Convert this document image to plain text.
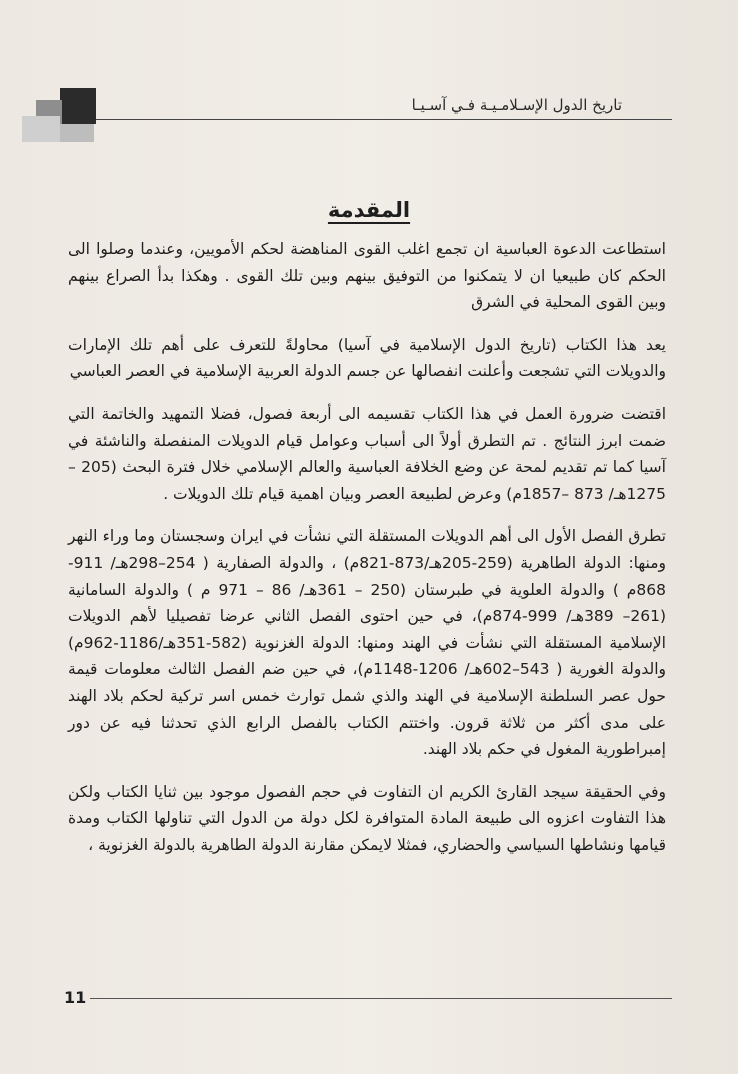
تاريخ الدول الإسـلامـيـة فـي آسـيـا
المقدمة

استطاعت الدعوة العباسية ان تجمع اغلب القوى المناهضة لحكم الأمويين، وعندما وصلوا الى الحكم كان طبيعيا ان لا يتمكنوا من التوفيق بينهم وبين تلك القوى . وهكذا بدأ الصراع بينهم وبين القوى المحلية في الشرق

يعد هذا الكتاب (تاريخ الدول الإسلامية في آسيا) محاولةً للتعرف على أهم تلك الإمارات والدويلات التي تشجعت وأعلنت انفصالها عن جسم الدولة العربية الإسلامية في العصر العباسي

اقتضت ضرورة العمل في هذا الكتاب تقسيمه الى أربعة فصول، فضلا التمهيد والخاتمة التي ضمت ابرز النتائج . تم التطرق أولاً الى أسباب وعوامل قيام الدويلات المنفصلة والناشئة في آسيا كما تم تقديم لمحة عن وضع الخلافة العباسية والعالم الإسلامي خلال فترة البحث (205 –1275هـ/ 873 –1857م) وعرض لطبيعة العصر وبيان اهمية قيام تلك الدويلات .

تطرق الفصل الأول الى أهم الدويلات المستقلة التي نشأت في ايران وسجستان وما وراء النهر ومنها: الدولة الطاهرية (259-205هـ/873-821م) ، والدولة الصفارية ( 254–298هـ/ 911-868م ) والدولة العلوية في طبرستان (250 – 361هـ/ 86 – 971 م ) والدولة السامانية (261– 389هـ/ 999-874م)، في حين احتوى الفصل الثاني عرضا تفصيليا لأهم الدويلات الإسلامية المستقلة التي نشأت في الهند ومنها: الدولة الغزنوية (582-351هـ/1186-962م) والدولة الغورية ( 543–602هـ/ 1206-1148م)، في حين ضم الفصل الثالث معلومات قيمة حول عصر السلطنة الإسلامية في الهند والذي شمل توارث خمس اسر تركية لحكم بلاد الهند على مدى أكثر من ثلاثة قرون. واختتم الكتاب بالفصل الرابع الذي تحدثنا فيه عن دور إمبراطورية المغول في حكم بلاد الهند.

وفي الحقيقة سيجد القارئ الكريم ان التفاوت في حجم الفصول موجود بين ثنايا الكتاب ولكن هذا التفاوت اعزوه الى طبيعة المادة المتوافرة لكل دولة من الدول التي تناولها الكتاب ومدة قيامها ونشاطها السياسي والحضاري، فمثلا لايمكن مقارنة الدولة الطاهرية بالدولة الغزنوية ،

11
